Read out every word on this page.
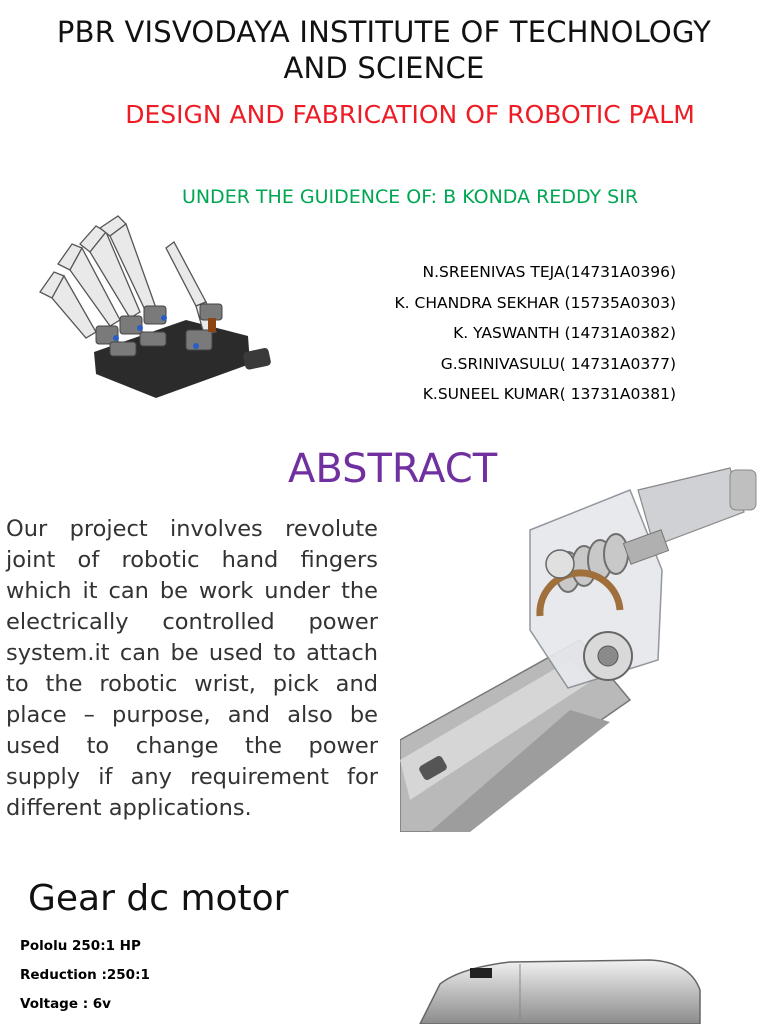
PBR VISVODAYA INSTITUTE OF TECHNOLOGY AND SCIENCE
DESIGN AND FABRICATION OF ROBOTIC PALM
UNDER THE GUIDENCE OF: B KONDA REDDY SIR
N.SREENIVAS TEJA(14731A0396)
K. CHANDRA SEKHAR (15735A0303)
K. YASWANTH (14731A0382)
G.SRINIVASULU( 14731A0377)
K.SUNEEL KUMAR( 13731A0381)
ABSTRACT
Our project involves revolute joint of robotic hand fingers which it can be work under the electrically controlled power system.it can be used to attach to the robotic wrist, pick and place – purpose, and also be used to change the power supply if any requirement for different applications.
Gear dc motor
Pololu 250:1 HP
Reduction :250:1
Voltage : 6v
